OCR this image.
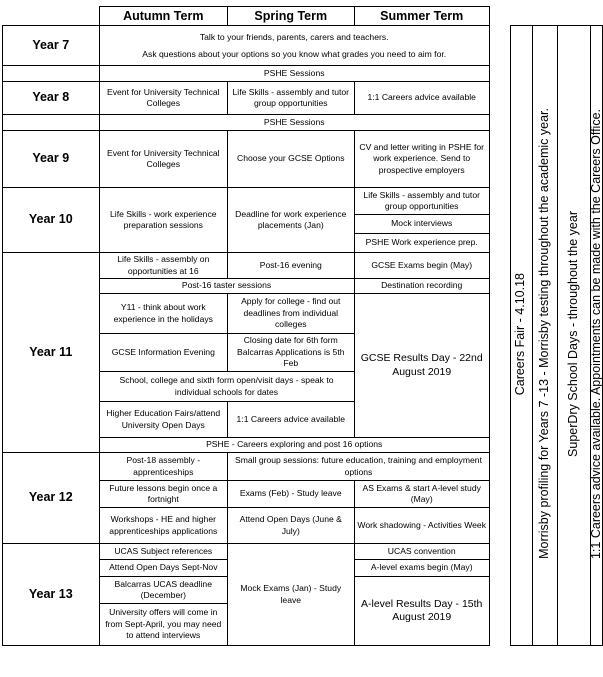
	Autumn Term	Spring Term	Summer Term					
Year 7	Talk to your friends, parents, carers and teachers.
Ask questions about your options so you know what grades you need to aim for.				Careers Fair - 4.10.18	Morrisby profiling for Years 7 -13 - Morrisby testing throughout the academic year.	SuperDry School Days - throughout the year	1:1 Careers advice available. Appointments can be made with the Careers Office.
	PSHE Sessions							
Year 8	Event for University Technical Colleges	Life Skills - assembly and tutor group opportunities	1:1 Careers advice available					
	PSHE Sessions							
Year 9	Event for University Technical Colleges	Choose your GCSE Options	CV and letter writing in PSHE for work experience. Send to prospective employers					
Year 10	Life Skills - work experience preparation sessions	Deadline for work experience placements (Jan)	Life Skills - assembly and tutor group opportunities					
			Mock interviews					
			PSHE Work experience prep.					
Year 11	Life Skills - assembly on opportunities at 16	Post-16 evening	GCSE Exams begin (May)					
	Post-16 taster sessions		Destination recording					
	Y11 - think about work experience in the holidays	Apply for college - find out deadlines from individual colleges	GCSE Results Day - 22nd August 2019					
	GCSE Information Evening	Closing date for 6th form Balcarras Applications is 5th Feb						
	School, college and sixth form open/visit days - speak to individual schools for dates							

	Higher Education Fairs/attend University Open Days	1:1 Careers advice available						
	PSHE - Careers exploring and post 16 options							
Year 12	Post-18 assembly - apprenticeships	Small group sessions: future education, training and employment options						
	Future lessons begin once a fortnight	Exams (Feb) - Study leave	AS Exams & start A-level study (May)					
	Workshops - HE and higher apprenticeships applications	Attend Open Days (June & July)	Work shadowing - Activities Week					
Year 13	UCAS Subject references	Mock Exams (Jan) - Study leave	UCAS convention					
	Attend Open Days Sept-Nov		A-level exams begin (May)					
	Balcarras UCAS deadline (December)		A-level Results Day - 15th August 2019					
	University offers will come in from Sept-April, you may need to attend interviews							
